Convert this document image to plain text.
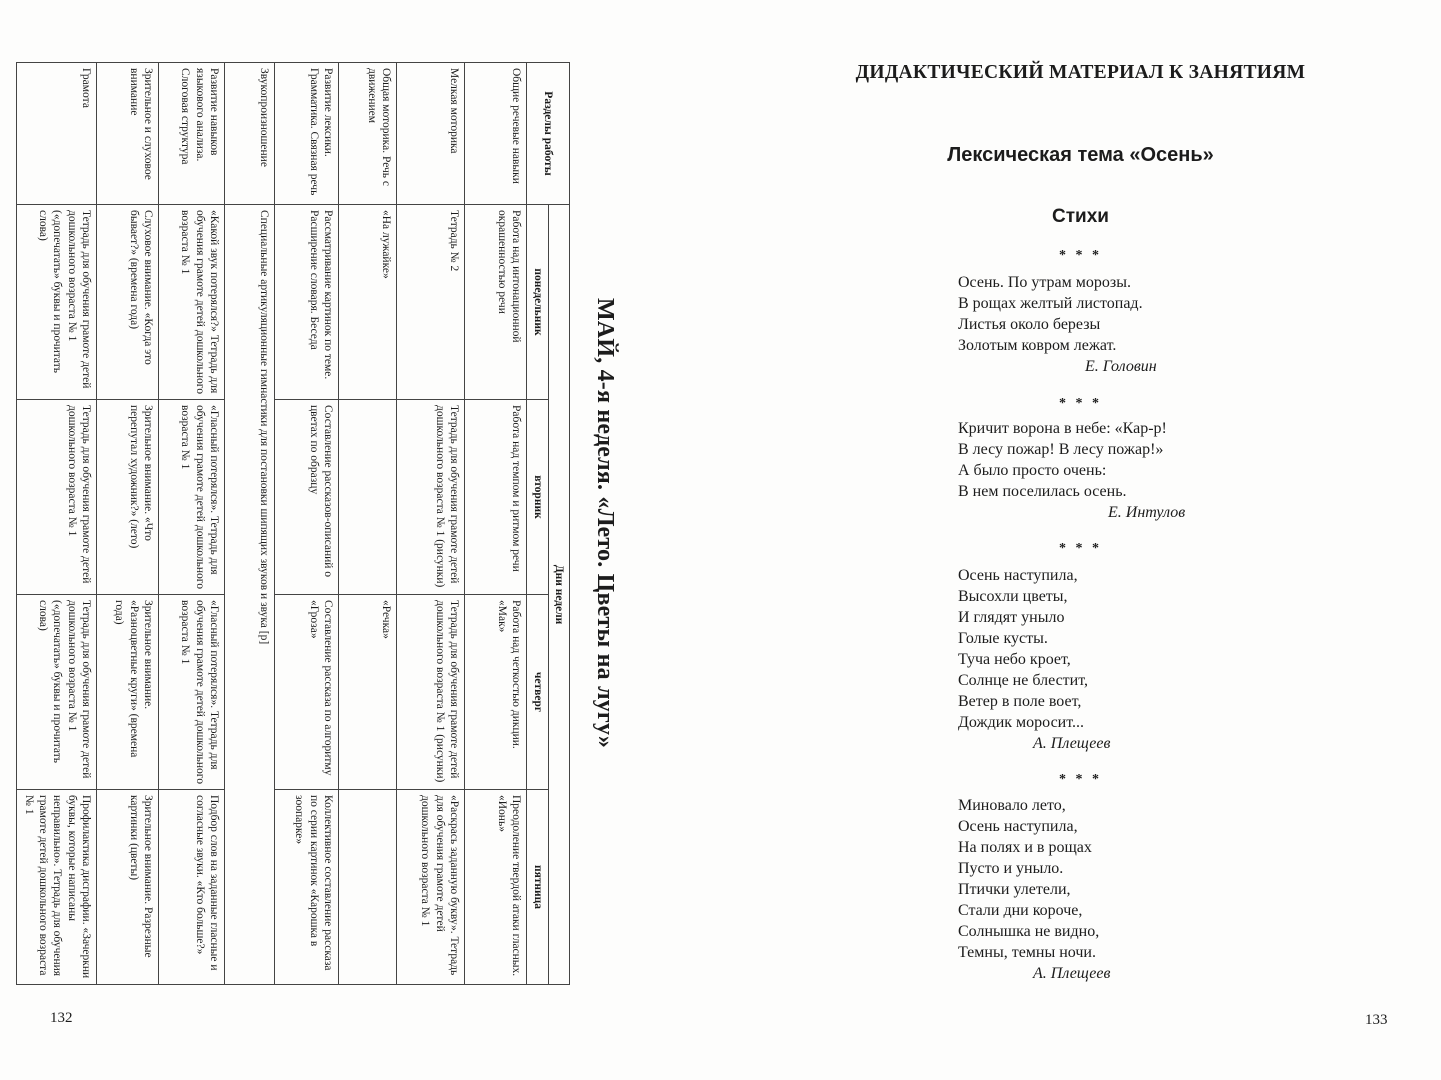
МАЙ, 4-я неделя. «Лето. Цветы на лугу»
Разделы работы	Дни недели			
	понедельник	вторник	четверг	пятница
Общие речевые навыки	Работа над интонационной окрашенностью речи	Работа над темпом и ритмом речи	Работа над четкостью дикции. «Мак»	Преодоление твердой атаки гласных. «Ионь»
Мелкая моторика	Тетрадь № 2	Тетрадь для обучения грамоте детей дошкольного возраста № 1 (рисунки)	Тетрадь для обучения грамоте детей дошкольного возраста № 1 (рисунки)	«Раскрась заданную букву». Тетрадь для обучения грамоте детей дошкольного возраста № 1
Общая моторика. Речь с движением	«На лужайке»		«Речка»	
Развитие лексики. Грамматика. Связная речь	Рассматривание картинок по теме. Расширение словаря. Беседа	Составление рассказов-описаний о цветах по образцу	Составление рассказа по алгоритму «Гроза»	Коллективное составление рассказа по серии картинок «Карошка в зоопарке»
Звукопроизношение	Специальные артикуляционные гимнастики для постановки шипящих звуков и звука [р]			
Развитие навыков языкового анализа. Слоговая структура	«Какой звук потерялся?» Тетрадь для обучения грамоте детей дошкольного возраста № 1	«Гласный потерялся». Тетрадь для обучения грамоте детей дошкольного возраста № 1	«Гласный потерялся». Тетрадь для обучения грамоте детей дошкольного возраста № 1	Подбор слов на заданные гласные и согласные звуки. «Кто больше?»
Зрительное и слуховое внимание	Слуховое внимание. «Когда это бывает?» (времена года)	Зрительное внимание. «Что перепутал художник?» (лето)	Зрительное внимание. «Разноцветные круги» (времена года)	Зрительное внимание. Разрезные картинки (цветы)
Грамота	Тетрадь для обучения грамоте детей дошкольного возраста № 1 («допечатать» буквы и прочитать слова)	Тетрадь для обучения грамоте детей дошкольного возраста № 1	Тетрадь для обучения грамоте детей дошкольного возраста № 1 («допечатать» буквы и прочитать слова)	Профилактика дисграфии. «Зачеркни буквы, которые написаны неправильно». Тетрадь для обучения грамоте детей дошкольного возраста № 1
132
ДИДАКТИЧЕСКИЙ МАТЕРИАЛ К ЗАНЯТИЯМ
Лексическая тема «Осень»
Стихи
* * *
Осень. По утрам морозы.
В рощах желтый листопад.
Листья около березы
Золотым ковром лежат.
Е. Головин
* * *
Кричит ворона в небе: «Кар-р!
В лесу пожар! В лесу пожар!»
А было просто очень:
В нем поселилась осень.
Е. Интулов
* * *
Осень наступила,
Высохли цветы,
И глядят уныло
Голые кусты.
Туча небо кроет,
Солнце не блестит,
Ветер в поле воет,
Дождик моросит...
А. Плещеев
* * *
Миновало лето,
Осень наступила,
На полях и в рощах
Пусто и уныло.
Птички улетели,
Стали дни короче,
Солнышка не видно,
Темны, темны ночи.
А. Плещеев
133
